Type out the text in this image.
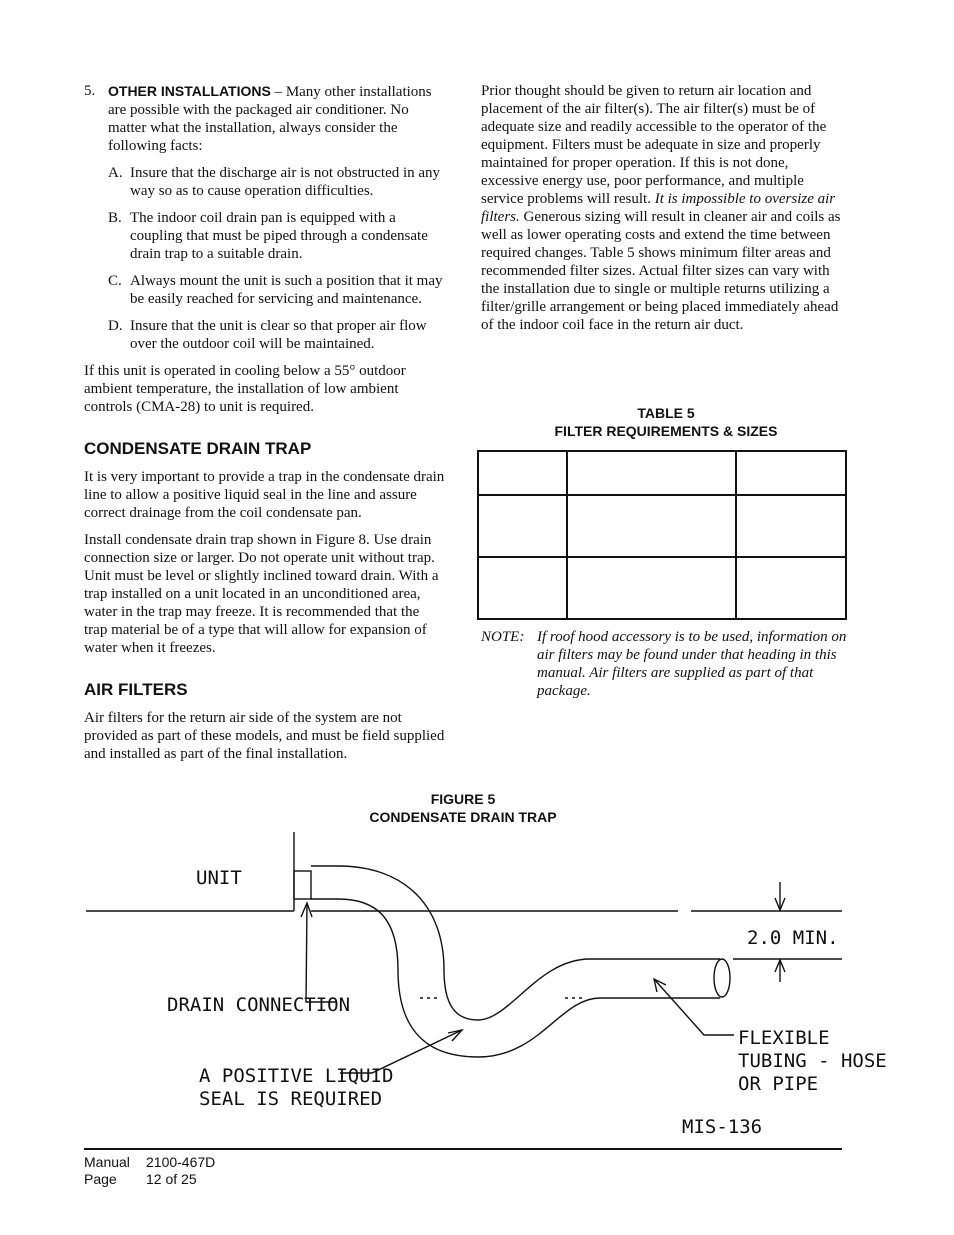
5. OTHER INSTALLATIONS – Many other installations are possible with the packaged air conditioner. No matter what the installation, always consider the following facts:

A. Insure that the discharge air is not obstructed in any way so as to cause operation difficulties.

B. The indoor coil drain pan is equipped with a coupling that must be piped through a condensate drain trap to a suitable drain.

C. Always mount the unit is such a position that it may be easily reached for servicing and maintenance.

D. Insure that the unit is clear so that proper air flow over the outdoor coil will be maintained.

If this unit is operated in cooling below a 55° outdoor ambient temperature, the installation of low ambient controls (CMA-28) to unit is required.

CONDENSATE DRAIN TRAP

It is very important to provide a trap in the condensate drain line to allow a positive liquid seal in the line and assure correct drainage from the coil condensate pan.

Install condensate drain trap shown in Figure 8. Use drain connection size or larger. Do not operate unit without trap. Unit must be level or slightly inclined toward drain. With a trap installed on a unit located in an unconditioned area, water in the trap may freeze. It is recommended that the trap material be of a type that will allow for expansion of water when it freezes.

AIR FILTERS

Air filters for the return air side of the system are not provided as part of these models, and must be field supplied and installed as part of the final installation.

Prior thought should be given to return air location and placement of the air filter(s). The air filter(s) must be of adequate size and readily accessible to the operator of the equipment. Filters must be adequate in size and properly maintained for proper operation. If this is not done, excessive energy use, poor performance, and multiple service problems will result. It is impossible to oversize air filters. Generous sizing will result in cleaner air and coils as well as lower operating costs and extend the time between required changes. Table 5 shows minimum filter areas and recommended filter sizes. Actual filter sizes can vary with the installation due to single or multiple returns utilizing a filter/grille arrangement or being placed immediately ahead of the indoor coil face in the return air duct.

TABLE 5
FILTER REQUIREMENTS & SIZES

NOTE: If roof hood accessory is to be used, information on air filters may be found under that heading in this manual. Air filters are supplied as part of that package.

FIGURE 5
CONDENSATE DRAIN TRAP
UNIT
DRAIN CONNECTION
A POSITIVE LIQUID
SEAL IS REQUIRED
2.0 MIN.
FLEXIBLE
TUBING - HOSE
OR PIPE
MIS-136
Manual 2100-467D
Page 12 of 25
